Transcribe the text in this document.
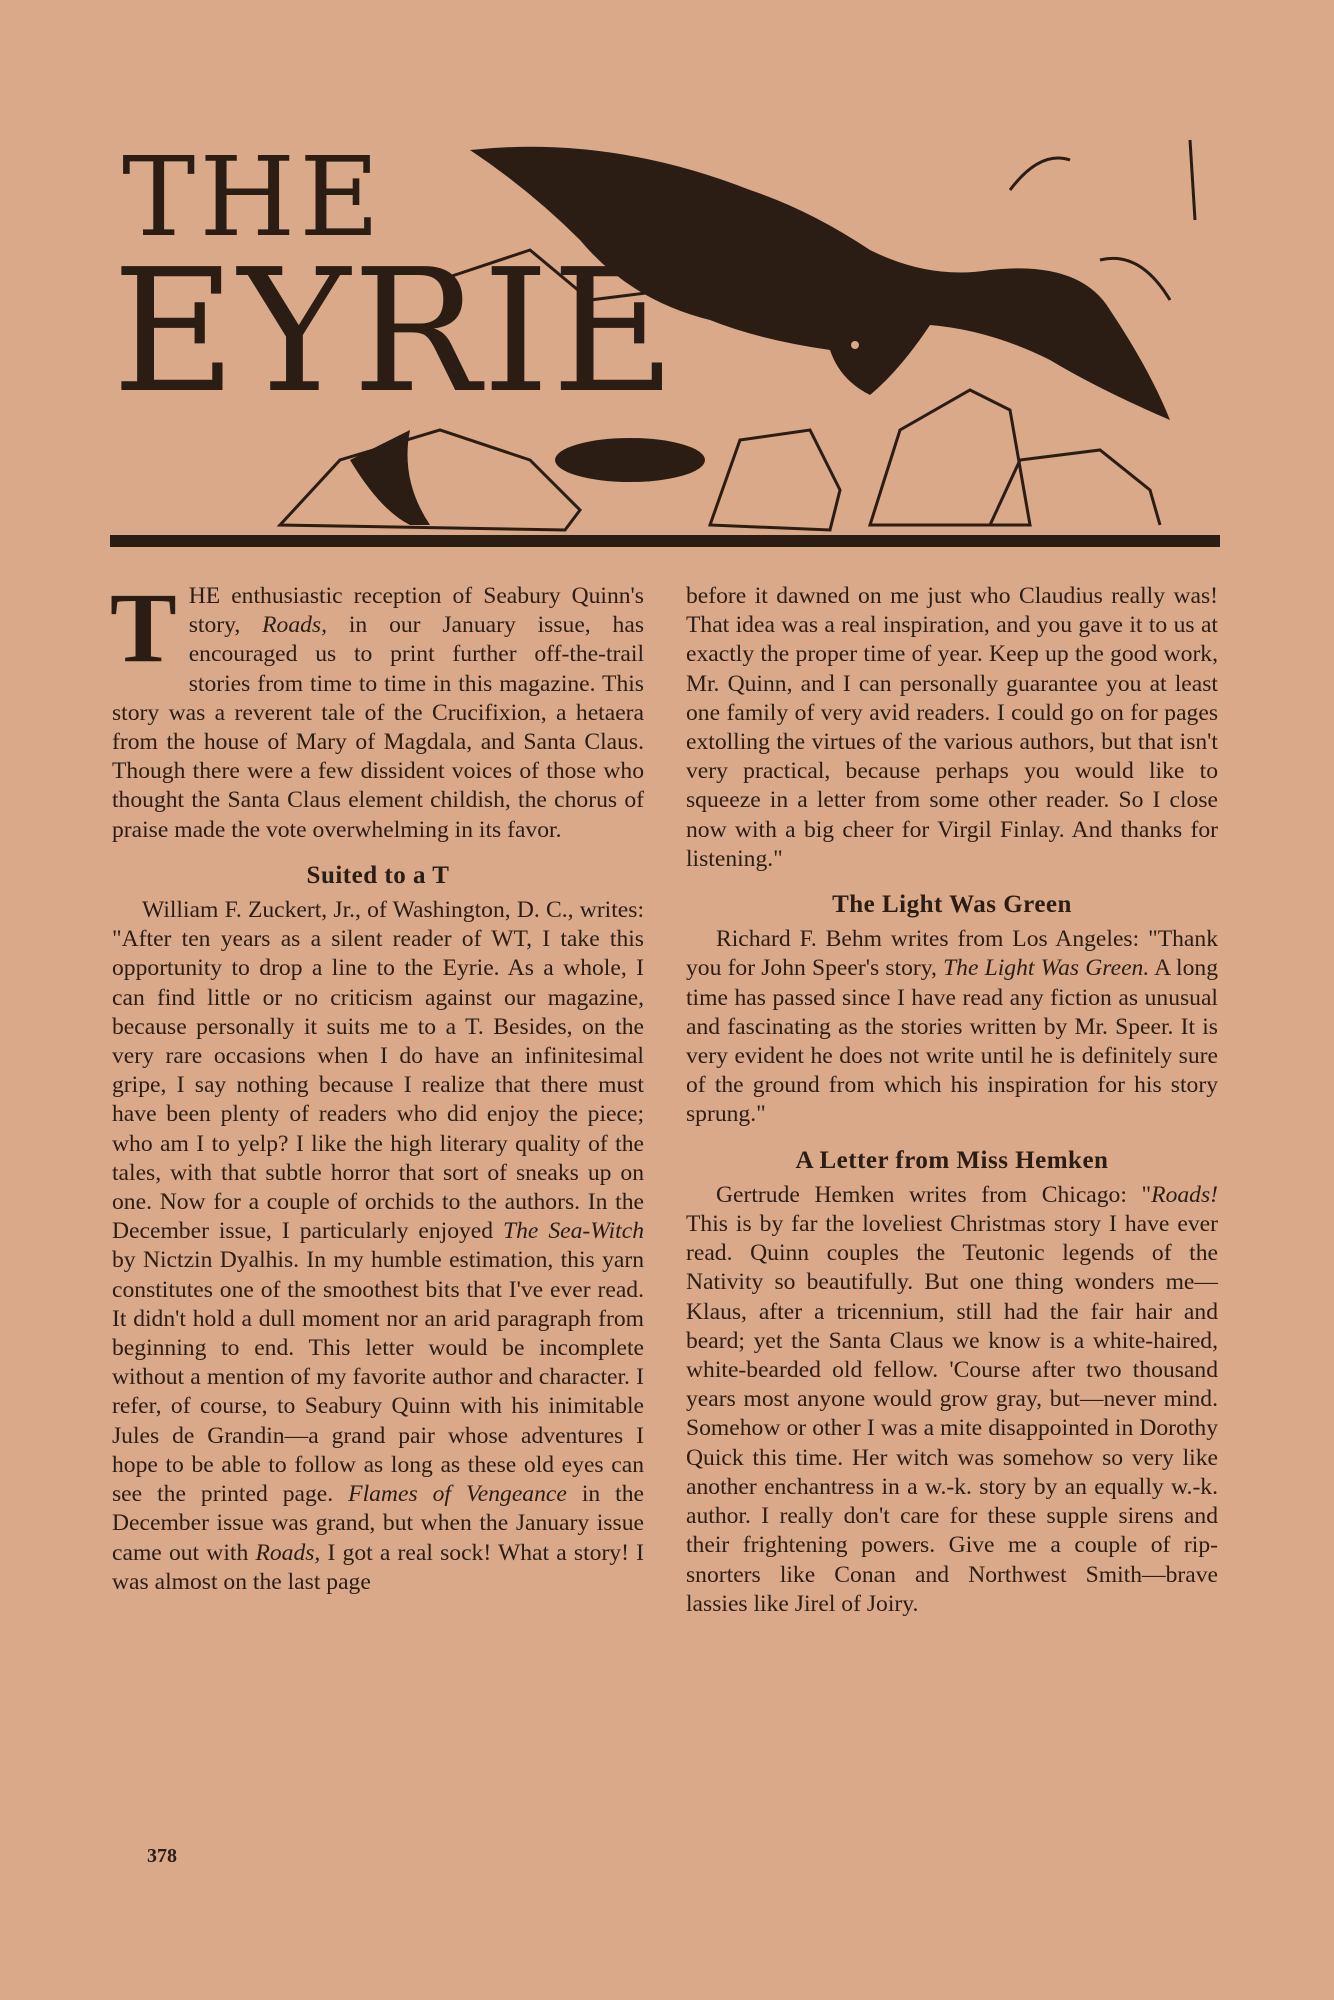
THE
EYRIE

THE enthusiastic reception of Seabury Quinn's story, Roads, in our January issue, has encouraged us to print further off-the-trail stories from time to time in this magazine. This story was a reverent tale of the Crucifixion, a hetaera from the house of Mary of Magdala, and Santa Claus. Though there were a few dissident voices of those who thought the Santa Claus element childish, the chorus of praise made the vote overwhelming in its favor.

Suited to a T

William F. Zuckert, Jr., of Washington, D. C., writes: "After ten years as a silent reader of WT, I take this opportunity to drop a line to the Eyrie. As a whole, I can find little or no criticism against our magazine, because personally it suits me to a T. Besides, on the very rare occasions when I do have an infinitesimal gripe, I say nothing because I realize that there must have been plenty of readers who did enjoy the piece; who am I to yelp? I like the high literary quality of the tales, with that subtle horror that sort of sneaks up on one. Now for a couple of orchids to the authors. In the December issue, I particularly enjoyed The Sea-Witch by Nictzin Dyalhis. In my humble estimation, this yarn constitutes one of the smoothest bits that I've ever read. It didn't hold a dull moment nor an arid paragraph from beginning to end. This letter would be incomplete without a mention of my favorite author and character. I refer, of course, to Seabury Quinn with his inimitable Jules de Grandin—a grand pair whose adventures I hope to be able to follow as long as these old eyes can see the printed page. Flames of Vengeance in the December issue was grand, but when the January issue came out with Roads, I got a real sock! What a story! I was almost on the last page

before it dawned on me just who Claudius really was! That idea was a real inspiration, and you gave it to us at exactly the proper time of year. Keep up the good work, Mr. Quinn, and I can personally guarantee you at least one family of very avid readers. I could go on for pages extolling the virtues of the various authors, but that isn't very practical, because perhaps you would like to squeeze in a letter from some other reader. So I close now with a big cheer for Virgil Finlay. And thanks for listening."

The Light Was Green

Richard F. Behm writes from Los Angeles: "Thank you for John Speer's story, The Light Was Green. A long time has passed since I have read any fiction as unusual and fascinating as the stories written by Mr. Speer. It is very evident he does not write until he is definitely sure of the ground from which his inspiration for his story sprung."

A Letter from Miss Hemken

Gertrude Hemken writes from Chicago: "Roads! This is by far the loveliest Christmas story I have ever read. Quinn couples the Teutonic legends of the Nativity so beautifully. But one thing wonders me—Klaus, after a tricennium, still had the fair hair and beard; yet the Santa Claus we know is a white-haired, white-bearded old fellow. 'Course after two thousand years most anyone would grow gray, but—never mind. Somehow or other I was a mite disappointed in Dorothy Quick this time. Her witch was somehow so very like another enchantress in a w.-k. story by an equally w.-k. author. I really don't care for these supple sirens and their frightening powers. Give me a couple of rip-snorters like Conan and Northwest Smith—brave lassies like Jirel of Joiry.

378
